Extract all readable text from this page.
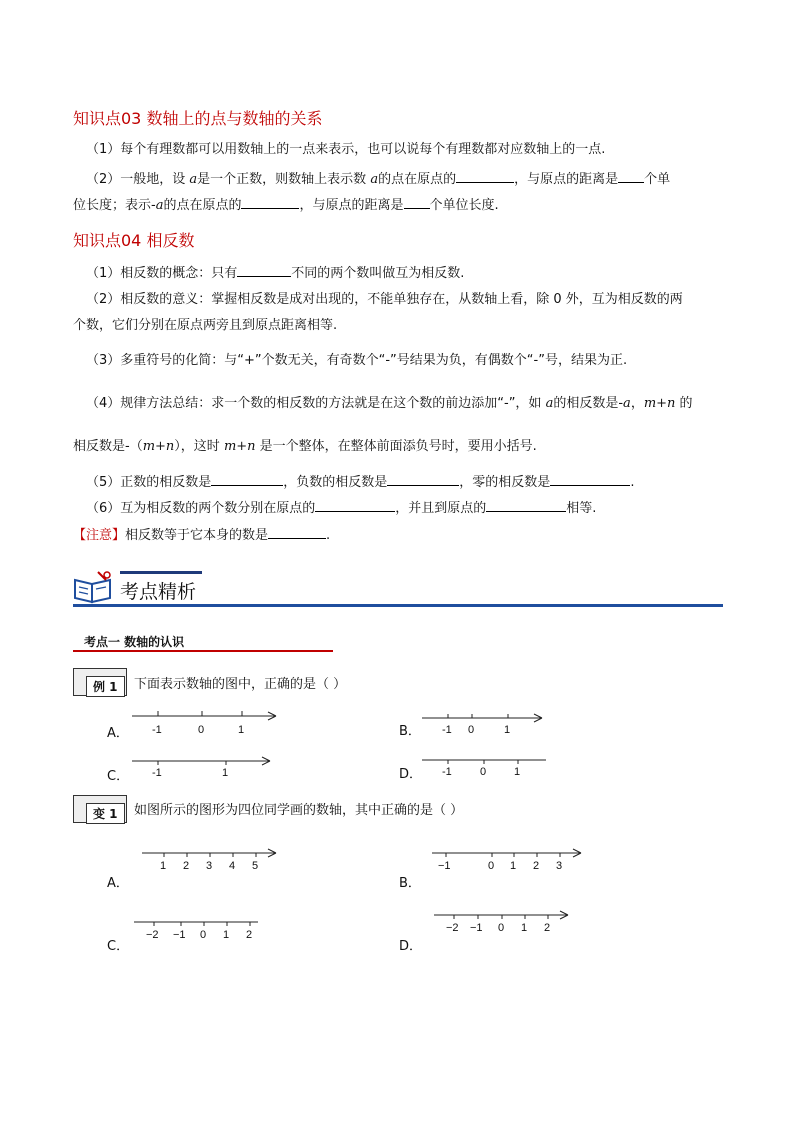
知识点03 数轴上的点与数轴的关系
（1）每个有理数都可以用数轴上的一点来表示，也可以说每个有理数都对应数轴上的一点.
（2）一般地，设 a是一个正数，则数轴上表示数 a的点在原点的	，与原点的距离是 个单
位长度；表示-a的点在原点的	，与原点的距离是 个单位长度.
知识点04 相反数
（1）相反数的概念：只有	不同的两个数叫做互为相反数.
（2）相反数的意义：掌握相反数是成对出现的，不能单独存在，从数轴上看，除 0 外，互为相反数的两
个数，它们分别在原点两旁且到原点距离相等.
（3）多重符号的化简：与“+”个数无关，有奇数个“-”号结果为负，有偶数个“-”号，结果为正.
（4）规律方法总结：求一个数的相反数的方法就是在这个数的前边添加“-”，如 a的相反数是-a，m+n 的
相反数是-（m+n），这时 m+n 是一个整体，在整体前面添负号时，要用小括号.
（5）正数的相反数是	，负数的相反数是	，零的相反数是	.
（6）互为相反数的两个数分别在原点的	，并且到原点的	相等.
【注意】相反数等于它本身的数是	.
考点精析
考点一 数轴的认识
例 1	下面表示数轴的图中，正确的是（ ）
A． -1	0	1	B． -1 0	1
C． -1	1	D． -1	0	1
变 1	如图所示的图形为四位同学画的数轴，其中正确的是（ ）
A．
1 2 3 4 5
B．
−1	0 1 2 3
C．
−2 −1 0 1 2
D．
−2 −1 0 1 2
